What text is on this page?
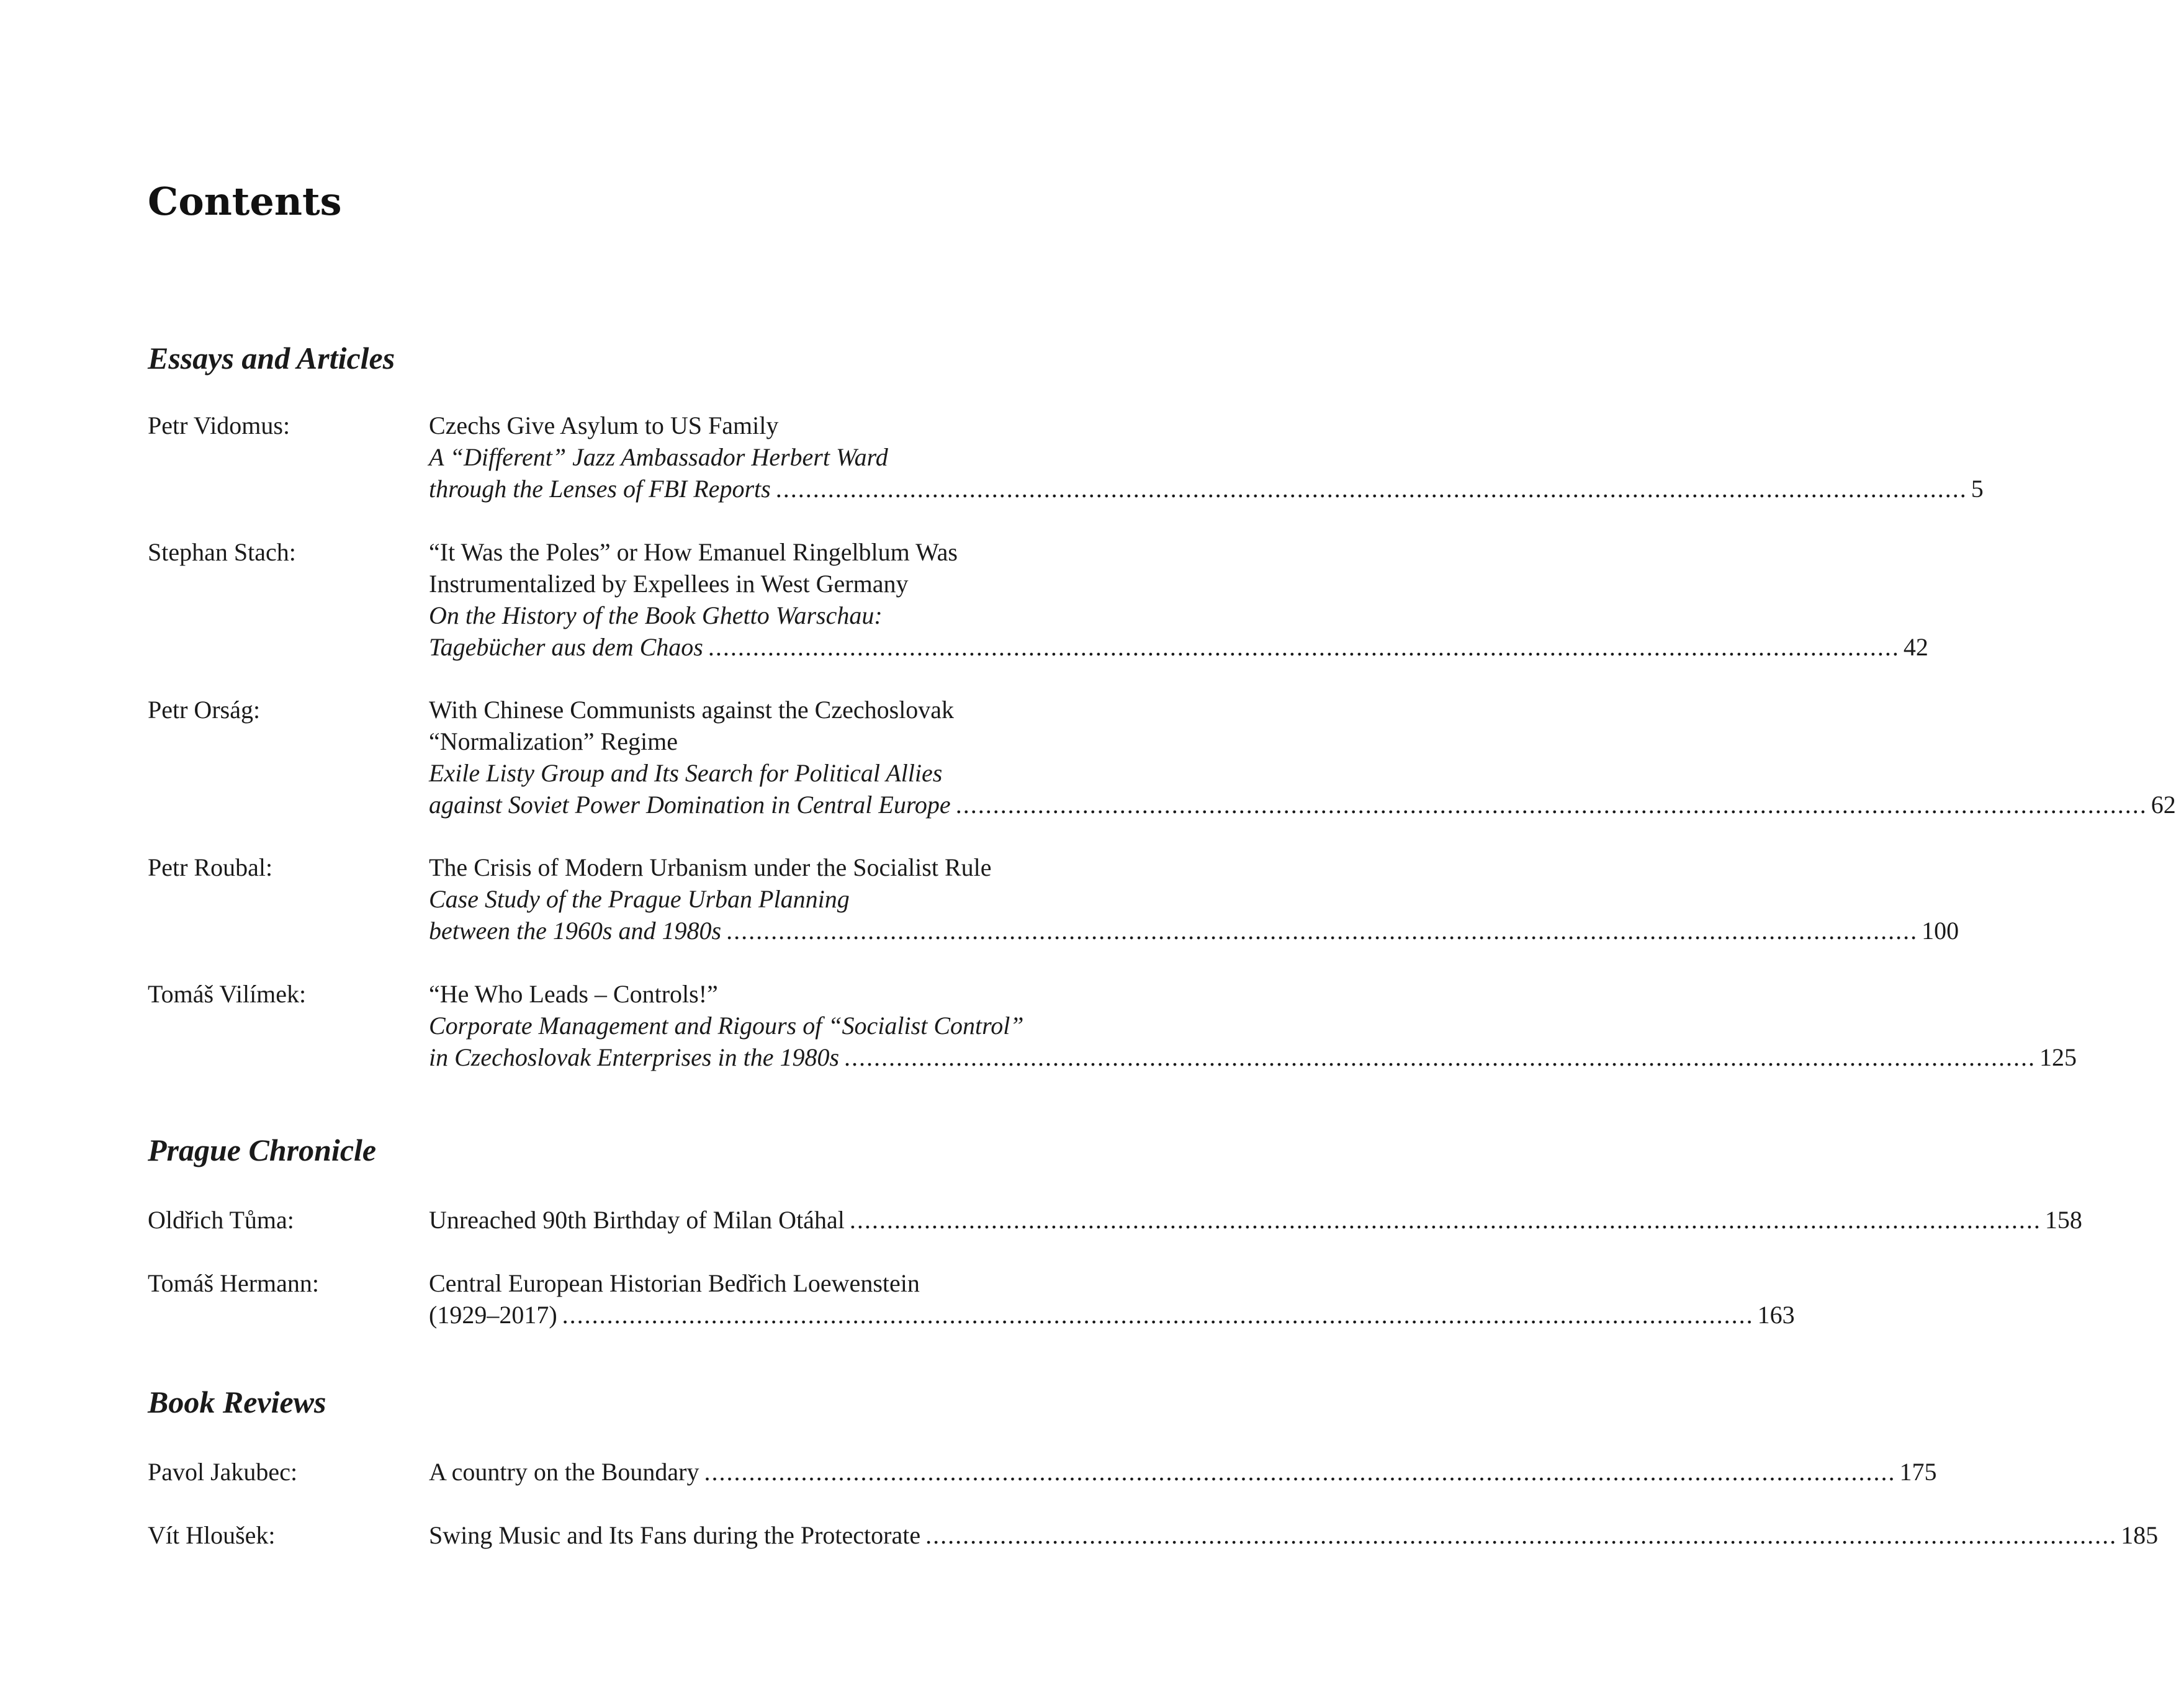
Contents
Essays and Articles
Petr Vidomus:	Czechs Give Asylum to US Family
A “Different” Jazz Ambassador Herbert Ward
through the Lenses of FBI Reports ................................................................................................................................................................ 5
Stephan Stach:	“It Was the Poles” or How Emanuel Ringelblum Was
Instrumentalized by Expellees in West Germany
On the History of the Book Ghetto Warschau:
Tagebücher aus dem Chaos ................................................................................................................................................................ 42
Petr Orság:	With Chinese Communists against the Czechoslovak
“Normalization” Regime
Exile Listy Group and Its Search for Political Allies
against Soviet Power Domination in Central Europe ................................................................................................................................................................ 62
Petr Roubal:	The Crisis of Modern Urbanism under the Socialist Rule
Case Study of the Prague Urban Planning
between the 1960s and 1980s ................................................................................................................................................................ 100
Tomáš Vilímek:	“He Who Leads – Controls!”
Corporate Management and Rigours of “Socialist Control”
in Czechoslovak Enterprises in the 1980s ................................................................................................................................................................ 125
Prague Chronicle
Oldřich Tůma:	Unreached 90th Birthday of Milan Otáhal ................................................................................................................................................................ 158
Tomáš Hermann:	Central European Historian Bedřich Loewenstein
(1929–2017) ................................................................................................................................................................ 163
Book Reviews
Pavol Jakubec:	A country on the Boundary ................................................................................................................................................................ 175
Vít Hloušek:	Swing Music and Its Fans during the Protectorate ................................................................................................................................................................ 185
